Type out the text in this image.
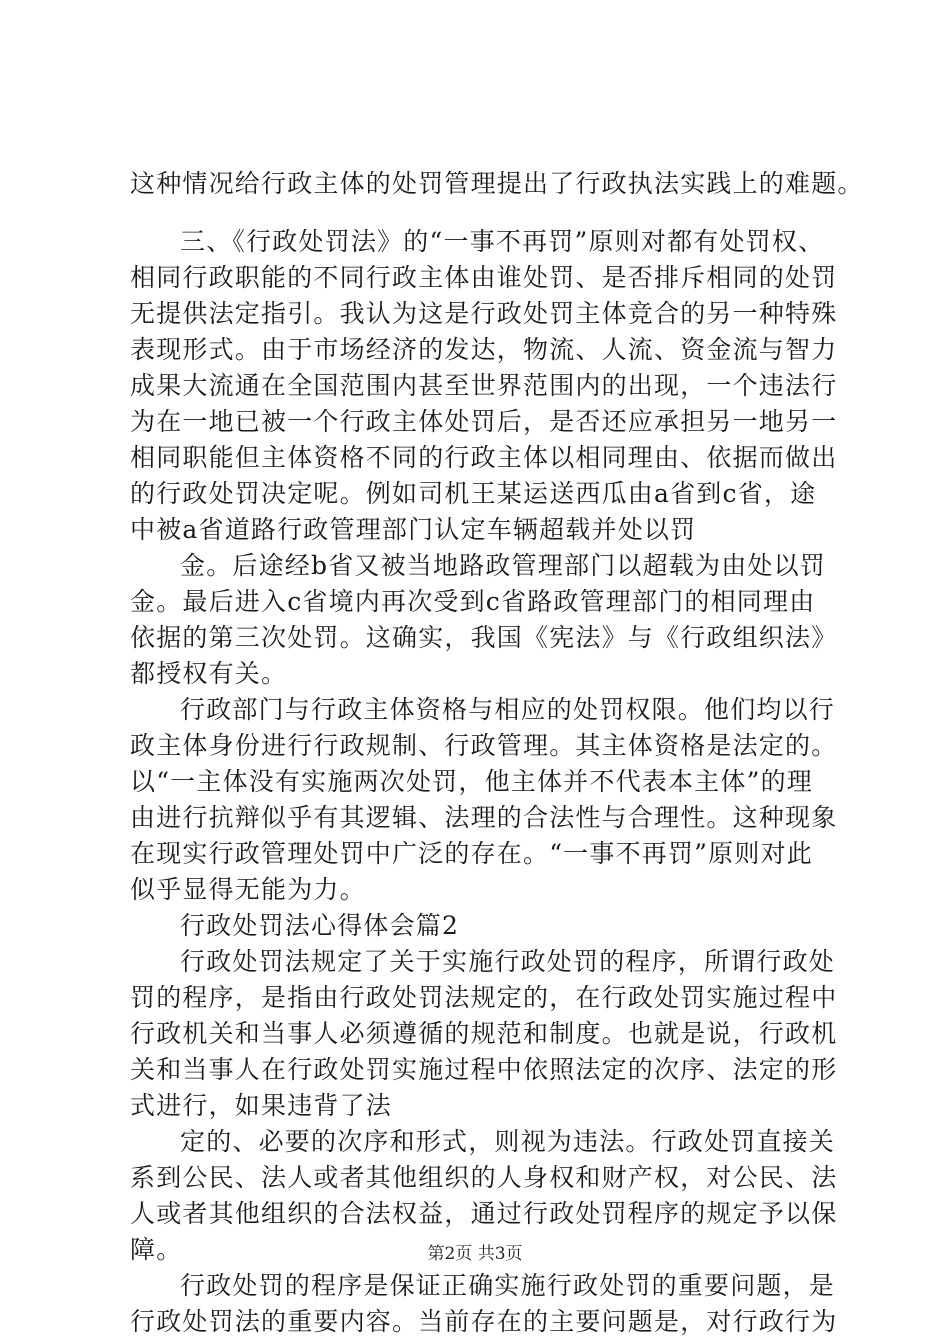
这种情况给行政主体的处罚管理提出了行政执法实践上的难题。
三、《行政处罚法》的“一事不再罚”原则对都有处罚权、
相同行政职能的不同行政主体由谁处罚、是否排斥相同的处罚
无提供法定指引。我认为这是行政处罚主体竞合的另一种特殊
表现形式。由于市场经济的发达，物流、人流、资金流与智力
成果大流通在全国范围内甚至世界范围内的出现，一个违法行
为在一地已被一个行政主体处罚后，是否还应承担另一地另一
相同职能但主体资格不同的行政主体以相同理由、依据而做出
的行政处罚决定呢。例如司机王某运送西瓜由a省到c省，途
中被a省道路行政管理部门认定车辆超载并处以罚
金。后途经b省又被当地路政管理部门以超载为由处以罚
金。最后进入c省境内再次受到c省路政管理部门的相同理由
依据的第三次处罚。这确实，我国《宪法》与《行政组织法》
都授权有关。
行政部门与行政主体资格与相应的处罚权限。他们均以行
政主体身份进行行政规制、行政管理。其主体资格是法定的。
以“一主体没有实施两次处罚，他主体并不代表本主体”的理
由进行抗辩似乎有其逻辑、法理的合法性与合理性。这种现象
在现实行政管理处罚中广泛的存在。“一事不再罚”原则对此
似乎显得无能为力。
行政处罚法心得体会篇2
行政处罚法规定了关于实施行政处罚的程序，所谓行政处
罚的程序，是指由行政处罚法规定的，在行政处罚实施过程中
行政机关和当事人必须遵循的规范和制度。也就是说，行政机
关和当事人在行政处罚实施过程中依照法定的次序、法定的形
式进行，如果违背了法
定的、必要的次序和形式，则视为违法。行政处罚直接关
系到公民、法人或者其他组织的人身权和财产权，对公民、法
人或者其他组织的合法权益，通过行政处罚程序的规定予以保
障。
行政处罚的程序是保证正确实施行政处罚的重要问题，是
行政处罚法的重要内容。当前存在的主要问题是，对行政行为
第2页 共3页
